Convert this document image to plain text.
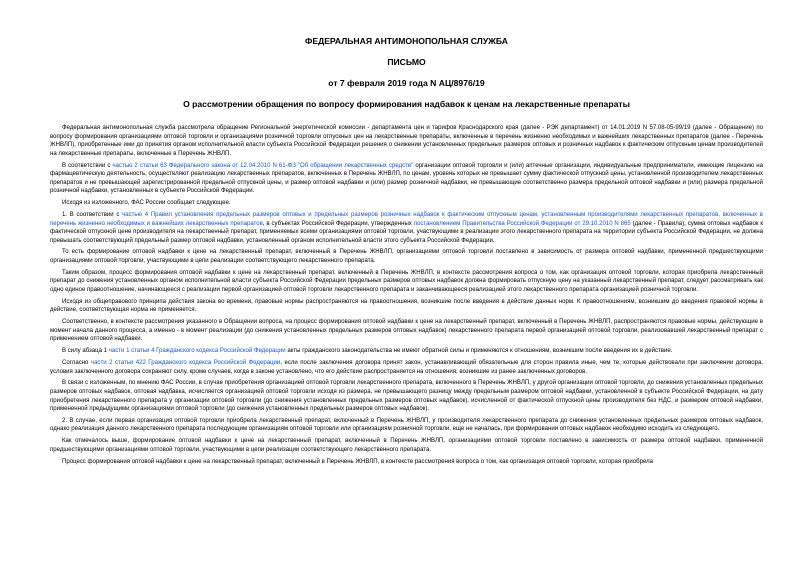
ФЕДЕРАЛЬНАЯ АНТИМОНОПОЛЬНАЯ СЛУЖБА
ПИСЬМО
от 7 февраля 2019 года N АЦ/8976/19
О рассмотрении обращения по вопросу формирования надбавок к ценам на лекарственные препараты

Федеральная антимонопольная служба рассмотрела обращение Региональной энергетической комиссии - департамента цен и тарифов Краснодарского края (далее - РЭК департамент) от 14.01.2019 N 57.08-05-99/19 (далее - Обращение) по вопросу формирования организациями оптовой торговли и организациями розничной торговли отпускных цен на лекарственные препараты, включенные в перечень жизненно необходимых и важнейших лекарственных препаратов (далее - Перечень ЖНВЛП), приобретенные ими до принятия органом исполнительной власти субъекта Российской Федерации решения о снижении установленных предельных размеров оптовых и розничных надбавок к фактическим отпускным ценам производителей на лекарственные препараты, включенные в Перечень ЖНВЛП.

В соответствии с частью 2 статьи 63 Федерального закона от 12.04.2010 N 61-ФЗ "Об обращении лекарственных средств" организации оптовой торговли и (или) аптечные организации, индивидуальные предприниматели, имеющие лицензию на фармацевтическую деятельность, осуществляют реализацию лекарственных препаратов, включенных в Перечень ЖНВЛП, по ценам, уровень которых не превышает сумму фактической отпускной цены, установленной производителем лекарственных препаратов и не превышающей зарегистрированной предельной отпускной цены, и размер оптовой надбавки и (или) размер розничной надбавки, не превышающие соответственно размера предельной оптовой надбавки и (или) размера предельной розничной надбавки, установленных в субъекте Российской Федерации.

Исходя из изложенного, ФАС России сообщает следующее.

1. В соответствии с частью 4 Правил установления предельных размеров оптовых и предельных размеров розничных надбавок к фактическим отпускным ценам, установленным производителями лекарственных препаратов, включенных в перечень жизненно необходимых и важнейших лекарственных препаратов, в субъектах Российской Федерации, утвержденных постановлением Правительства Российской Федерации от 29.10.2010 N 865 (далее - Правила), сумма оптовых надбавок к фактической отпускной цене производителя на лекарственный препарат, применяемых всеми организациями оптовой торговли, участвующими в реализации этого лекарственного препарата на территории субъекта Российской Федерации, не должна превышать соответствующий предельный размер оптовой надбавки, установленный органом исполнительной власти этого субъекта Российской Федерации.

То есть формирование оптовой надбавки к цене на лекарственный препарат, включенный в Перечень ЖНВЛП, организациями оптовой торговли поставлено в зависимость от размера оптовой надбавки, примененной предшествующими организациями оптовой торговли, участвующими в цепи реализации соответствующего лекарственного препарата.

Таким образом, процесс формирования оптовой надбавки к цене на лекарственный препарат, включенный в Перечень ЖНВЛП, в контексте рассмотрения вопроса о том, как организация оптовой торговли, которая приобрела лекарственный препарат до снижения установленных органом исполнительной власти субъекта Российской Федерации предельных размеров оптовых надбавок должна формировать отпускную цену на указанный лекарственный препарат, следует рассматривать как одно единое правоотношение, начинающееся с реализации первой организацией оптовой торговли лекарственного препарата и заканчивающееся реализацией этого лекарственного препарата организацией розничной торговли.

Исходя из общеправового принципа действия закона во времени, правовые нормы распространяются на правоотношения, возникшие после введения в действие данных норм. К правоотношениям, возникшим до введения правовой нормы в действие, соответствующая норма не применяется.

Соответственно, в контексте рассмотрения указанного в Обращении вопроса, на процесс формирования оптовой надбавки к цене на лекарственный препарат, включенный в Перечень ЖНВЛП, распространяются правовые нормы, действующие в момент начала данного процесса, а именно - в момент реализации (до снижения установленных предельных размеров оптовых надбавок) лекарственного препарата первой организацией оптовой торговли, реализовавшей лекарственный препарат с применением оптовой надбавки.

В силу абзаца 1 части 1 статьи 4 Гражданского кодекса Российской Федерации акты гражданского законодательства не имеют обратной силы и применяются к отношениям, возникшим после введения их в действие.

Согласно части 2 статьи 422 Гражданского кодекса Российской Федерации, если после заключения договора принят закон, устанавливающий обязательные для сторон правила иные, чем те, которые действовали при заключении договора, условия заключенного договора сохраняют силу, кроме случаев, когда в законе установлено, что его действие распространяется на отношения, возникшие из ранее заключенных договоров.

В связи с изложенным, по мнению ФАС России, в случае приобретения организацией оптовой торговли лекарственного препарата, включенного в Перечень ЖНВЛП, у другой организации оптовой торговли, до снижения установленных предельных размеров оптовых надбавок, оптовая надбавка, исчисляется организацией оптовой торговли исходя из размера, не превышающего разницу между предельным размером оптовой надбавки, установленной в субъекте Российской Федерации, на дату приобретения лекарственного препарата у организации оптовой торговли (до снижения установленных предельных размеров оптовых надбавок), исчисленной от фактической отпускной цены производителя без НДС, и размером оптовой надбавки, примененной предыдущими организациями оптовой торговли (до снижения установленных предельных размеров оптовых надбавок).

2. В случае, если первая организация оптовой торговли приобрела лекарственный препарат, включенный в Перечень ЖНВЛП, у производителя лекарственного препарата до снижения установленных предельных размеров оптовых надбавок, однако реализация данного лекарственного препарата последующим организациям оптовой торговли или организациям розничной торговли, еще не началась, при формировании оптовых надбавок необходимо исходить из следующего.

Как отмечалось выше, формирование оптовой надбавки к цене на лекарственный препарат, включенный в Перечень ЖНВЛП, организациями оптовой торговли поставлено в зависимость от размера оптовой надбавки, примененной предшествующими организациями оптовой торговли, участвующими в цепи реализации соответствующего лекарственного препарата.

Процесс формирования оптовой надбавки к цене на лекарственный препарат, включенный в Перечень ЖНВЛП, в контексте рассмотрения вопроса о том, как организация оптовой торговли, которая приобрела
